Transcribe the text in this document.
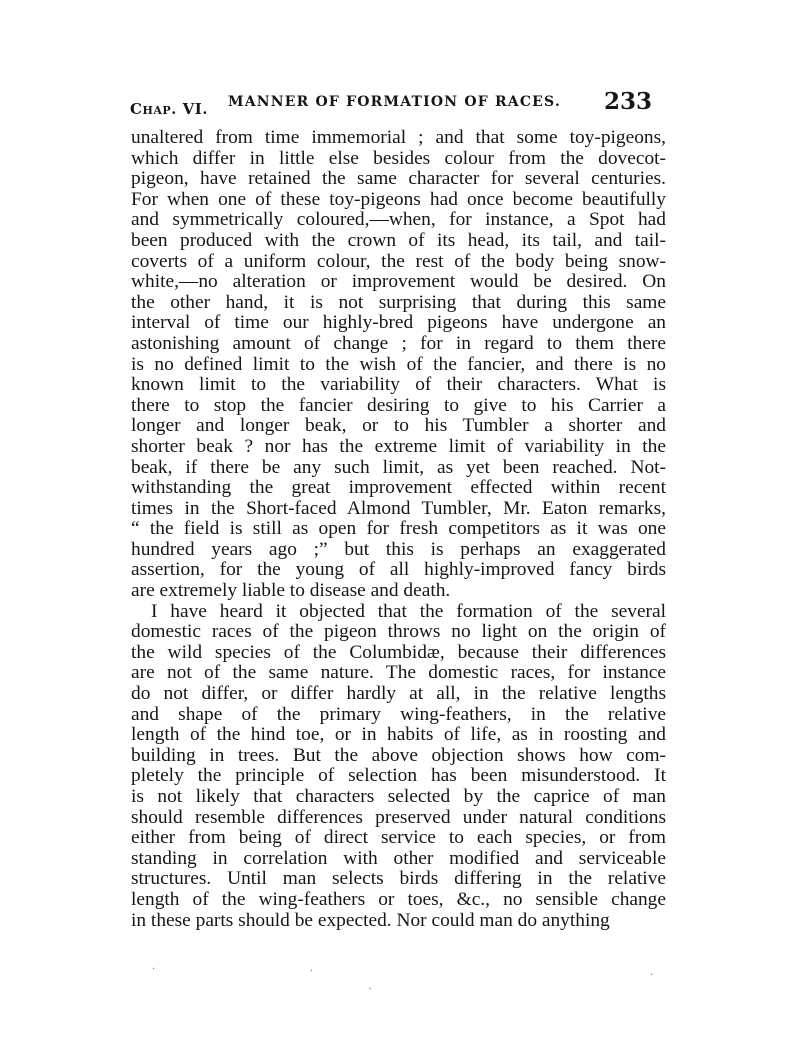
Chap. VI. MANNER OF FORMATION OF RACES. 233
unaltered from time immemorial ; and that some toy-pigeons,
which differ in little else besides colour from the dovecot-
pigeon, have retained the same character for several centuries.
For when one of these toy-pigeons had once become beautifully
and symmetrically coloured,—when, for instance, a Spot had
been produced with the crown of its head, its tail, and tail-
coverts of a uniform colour, the rest of the body being snow-
white,—no alteration or improvement would be desired. On
the other hand, it is not surprising that during this same
interval of time our highly-bred pigeons have undergone an
astonishing amount of change ; for in regard to them there
is no defined limit to the wish of the fancier, and there is no
known limit to the variability of their characters. What is
there to stop the fancier desiring to give to his Carrier a
longer and longer beak, or to his Tumbler a shorter and
shorter beak ? nor has the extreme limit of variability in the
beak, if there be any such limit, as yet been reached. Not-
withstanding the great improvement effected within recent
times in the Short-faced Almond Tumbler, Mr. Eaton remarks,
“ the field is still as open for fresh competitors as it was one
hundred years ago ;” but this is perhaps an exaggerated
assertion, for the young of all highly-improved fancy birds
are extremely liable to disease and death.
I have heard it objected that the formation of the several
domestic races of the pigeon throws no light on the origin of
the wild species of the Columbidæ, because their differences
are not of the same nature. The domestic races, for instance
do not differ, or differ hardly at all, in the relative lengths
and shape of the primary wing-feathers, in the relative
length of the hind toe, or in habits of life, as in roosting and
building in trees. But the above objection shows how com-
pletely the principle of selection has been misunderstood. It
is not likely that characters selected by the caprice of man
should resemble differences preserved under natural conditions
either from being of direct service to each species, or from
standing in correlation with other modified and serviceable
structures. Until man selects birds differing in the relative
length of the wing-feathers or toes, &c., no sensible change
in these parts should be expected. Nor could man do anything
·
ˎ
·	·
